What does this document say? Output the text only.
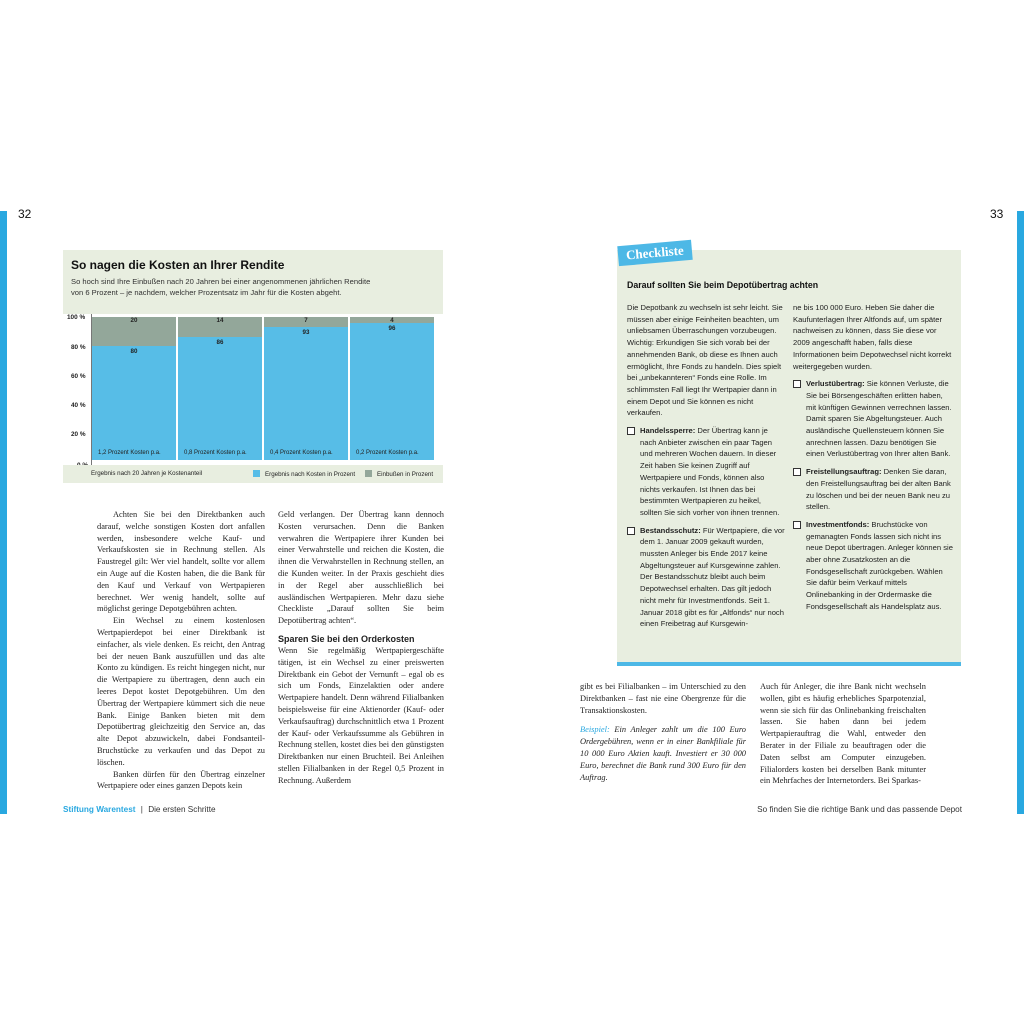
32
So nagen die Kosten an Ihrer Rendite
So hoch sind Ihre Einbußen nach 20 Jahren bei einer angenommenen jährlichen Rendite
von 6 Prozent – je nachdem, welcher Prozentsatz im Jahr für die Kosten abgeht.
100 %
80 %
60 %
40 %
20 %
20
80
1,2 Prozent Kosten p.a.
14
86
0,8 Prozent Kosten p.a.
7
93
0,4 Prozent Kosten p.a.
4
96
0,2 Prozent Kosten p.a.
Ergebnis nach 20 Jahren je Kostenanteil	Ergebnis nach Kosten in Prozent	Einbußen in Prozent

Achten Sie bei den Direktbanken auch darauf, welche sonstigen Kosten dort anfallen werden, insbesondere welche Kauf- und Verkaufskosten sie in Rechnung stellen. Als Faustregel gilt: Wer viel handelt, sollte vor allem ein Auge auf die Kosten haben, die die Bank für den Kauf und Verkauf von Wertpapieren berechnet. Wer wenig handelt, sollte auf möglichst geringe Depotgebühren achten.

Ein Wechsel zu einem kostenlosen Wertpapierdepot bei einer Direktbank ist einfacher, als viele denken. Es reicht, den Antrag bei der neuen Bank auszufüllen und das alte Konto zu kündigen. Es reicht hingegen nicht, nur die Wertpapiere zu übertragen, denn auch ein leeres Depot kostet Depotgebühren. Um den Übertrag der Wertpapiere kümmert sich die neue Bank. Einige Banken bieten mit dem Depotübertrag gleichzeitig den Service an, das alte Depot abzuwickeln, dabei Fondsanteil-Bruchstücke zu verkaufen und das Depot zu löschen.

Banken dürfen für den Übertrag einzelner Wertpapiere oder eines ganzen Depots kein

Geld verlangen. Der Übertrag kann dennoch Kosten verursachen. Denn die Banken verwahren die Wertpapiere ihrer Kunden bei einer Verwahrstelle und reichen die Kosten, die ihnen die Verwahrstellen in Rechnung stellen, an die Kunden weiter. In der Praxis geschieht dies in der Regel aber ausschließlich bei ausländischen Wertpapieren. Mehr dazu siehe Checkliste „Darauf sollten Sie beim Depotübertrag achten“.

Sparen Sie bei den Orderkosten

Wenn Sie regelmäßig Wertpapiergeschäfte tätigen, ist ein Wechsel zu einer preiswerten Direktbank ein Gebot der Vernunft – egal ob es sich um Fonds, Einzelaktien oder andere Wertpapiere handelt. Denn während Filialbanken beispielsweise für eine Aktienorder (Kauf- oder Verkaufsauftrag) durchschnittlich etwa 1 Prozent der Kauf- oder Verkaufssumme als Gebühren in Rechnung stellen, kostet dies bei den günstigsten Direktbanken nur einen Bruchteil. Bei Anleihen stellen Filialbanken in der Regel 0,5 Prozent in Rechnung. Außerdem

Stiftung Warentest | Die ersten Schritte
33
Darauf sollten Sie beim Depotübertrag achten

Die Depotbank zu wechseln ist sehr leicht. Sie müssen aber einige Feinheiten beachten, um unliebsamen Überraschungen vorzubeugen. Wichtig: Erkundigen Sie sich vorab bei der annehmenden Bank, ob diese es Ihnen auch ermöglicht, Ihre Fonds zu handeln. Dies spielt bei „unbekannteren“ Fonds eine Rolle. Im schlimmsten Fall liegt Ihr Wertpapier dann in einem Depot und Sie können es nicht verkaufen.

Handelssperre: Der Übertrag kann je nach Anbieter zwischen ein paar Tagen und mehreren Wochen dauern. In dieser Zeit haben Sie keinen Zugriff auf Wertpapiere und Fonds, können also nichts verkaufen. Ist Ihnen das bei bestimmten Wertpapieren zu heikel, sollten Sie sich vorher von ihnen trennen.
Bestandsschutz: Für Wertpapiere, die vor dem 1. Januar 2009 gekauft wurden, mussten Anleger bis Ende 2017 keine Abgeltungsteuer auf Kursgewinne zahlen. Der Bestandsschutz bleibt auch beim Depotwechsel erhalten. Das gilt jedoch nicht mehr für Investmentfonds. Seit 1. Januar 2018 gibt es für „Altfonds“ nur noch einen Freibetrag auf Kursgewin-

ne bis 100 000 Euro. Heben Sie daher die Kaufunterlagen Ihrer Altfonds auf, um später nachweisen zu können, dass Sie diese vor 2009 angeschafft haben, falls diese Informationen beim Depotwechsel nicht korrekt weitergegeben wurden.

Verlustübertrag: Sie können Verluste, die Sie bei Börsengeschäften erlitten haben, mit künftigen Gewinnen verrechnen lassen. Damit sparen Sie Abgeltungsteuer. Auch ausländische Quellensteuern können Sie anrechnen lassen. Dazu benötigen Sie einen Verlustübertrag von Ihrer alten Bank.
Freistellungsauftrag: Denken Sie daran, den Freistellungsauftrag bei der alten Bank zu löschen und bei der neuen Bank neu zu stellen.
Investmentfonds: Bruchstücke von gemanagten Fonds lassen sich nicht ins neue Depot übertragen. Anleger können sie aber ohne Zusatzkosten an die Fondsgesellschaft zurückgeben. Wählen Sie dafür beim Verkauf mittels Onlinebanking in der Ordermaske die Fondsgesellschaft als Handelsplatz aus.
Checkliste

gibt es bei Filialbanken – im Unterschied zu den Direktbanken – fast nie eine Obergrenze für die Transaktionskosten.

Beispiel: Ein Anleger zahlt um die 100 Euro Ordergebühren, wenn er in einer Bankfiliale für 10 000 Euro Aktien kauft. Investiert er 30 000 Euro, berechnet die Bank rund 300 Euro für den Auftrag.

Auch für Anleger, die ihre Bank nicht wechseln wollen, gibt es häufig erhebliches Sparpotenzial, wenn sie sich für das Onlinebanking freischalten lassen. Sie haben dann bei jedem Wertpapierauftrag die Wahl, entweder den Berater in der Filiale zu beauftragen oder die Daten selbst am Computer einzugeben. Filialorders kosten bei derselben Bank mitunter ein Mehrfaches der Internetorders. Bei Sparkas-

So finden Sie die richtige Bank und das passende Depot
